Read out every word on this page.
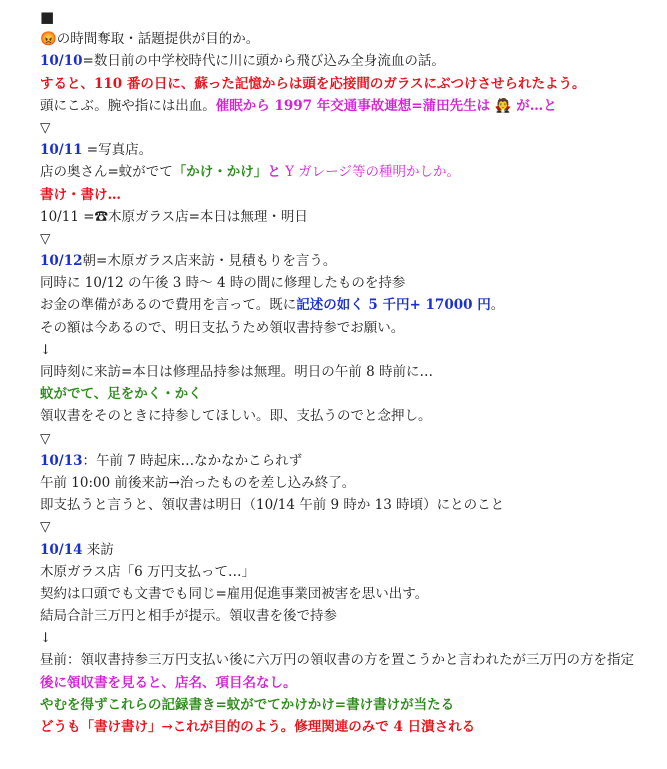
■
😡の時間奪取・話題提供が目的か。
10/10=数日前の中学校時代に川に頭から飛び込み全身流血の話。
すると、110 番の日に、蘇った記憶からは頭を応接間のガラスにぶつけさせられたよう。
頭にこぶ。腕や指には出血。催眠から 1997 年交通事故連想=蒲田先生は 🧛 が…と
▽
10/11 =写真店。
店の奥さん=蚊がでて「かけ・かけ」と Y ガレージ等の種明かしか。
書け・書け…
10/11 =☎木原ガラス店=本日は無理・明日
▽
10/12朝=木原ガラス店来訪・見積もりを言う。
同時に 10/12 の午後 3 時～ 4 時の間に修理したものを持参
お金の準備があるので費用を言って。既に記述の如く 5 千円+ 17000 円。
その額は今あるので、明日支払うため領収書持参でお願い。
↓
同時刻に来訪=本日は修理品持参は無理。明日の午前 8 時前に…
蚊がでて、足をかく・かく
領収書をそのときに持参してほしい。即、支払うのでと念押し。
▽
10/13：午前 7 時起床…なかなかこられず
午前 10:00 前後来訪→治ったものを差し込み終了。
即支払うと言うと、領収書は明日（10/14 午前 9 時か 13 時頃）にとのこと
▽
10/14 来訪
木原ガラス店「6 万円支払って…」
契約は口頭でも文書でも同じ=雇用促進事業団被害を思い出す。
結局合計三万円と相手が提示。領収書を後で持参
↓
昼前：領収書持参三万円支払い後に六万円の領収書の方を置こうかと言われたが三万円の方を指定
後に領収書を見ると、店名、項目名なし。
やむを得ずこれらの記録書き=蚊がでてかけかけ=書け書けが当たる
どうも「書け書け」→これが目的のよう。修理関連のみで 4 日潰される
